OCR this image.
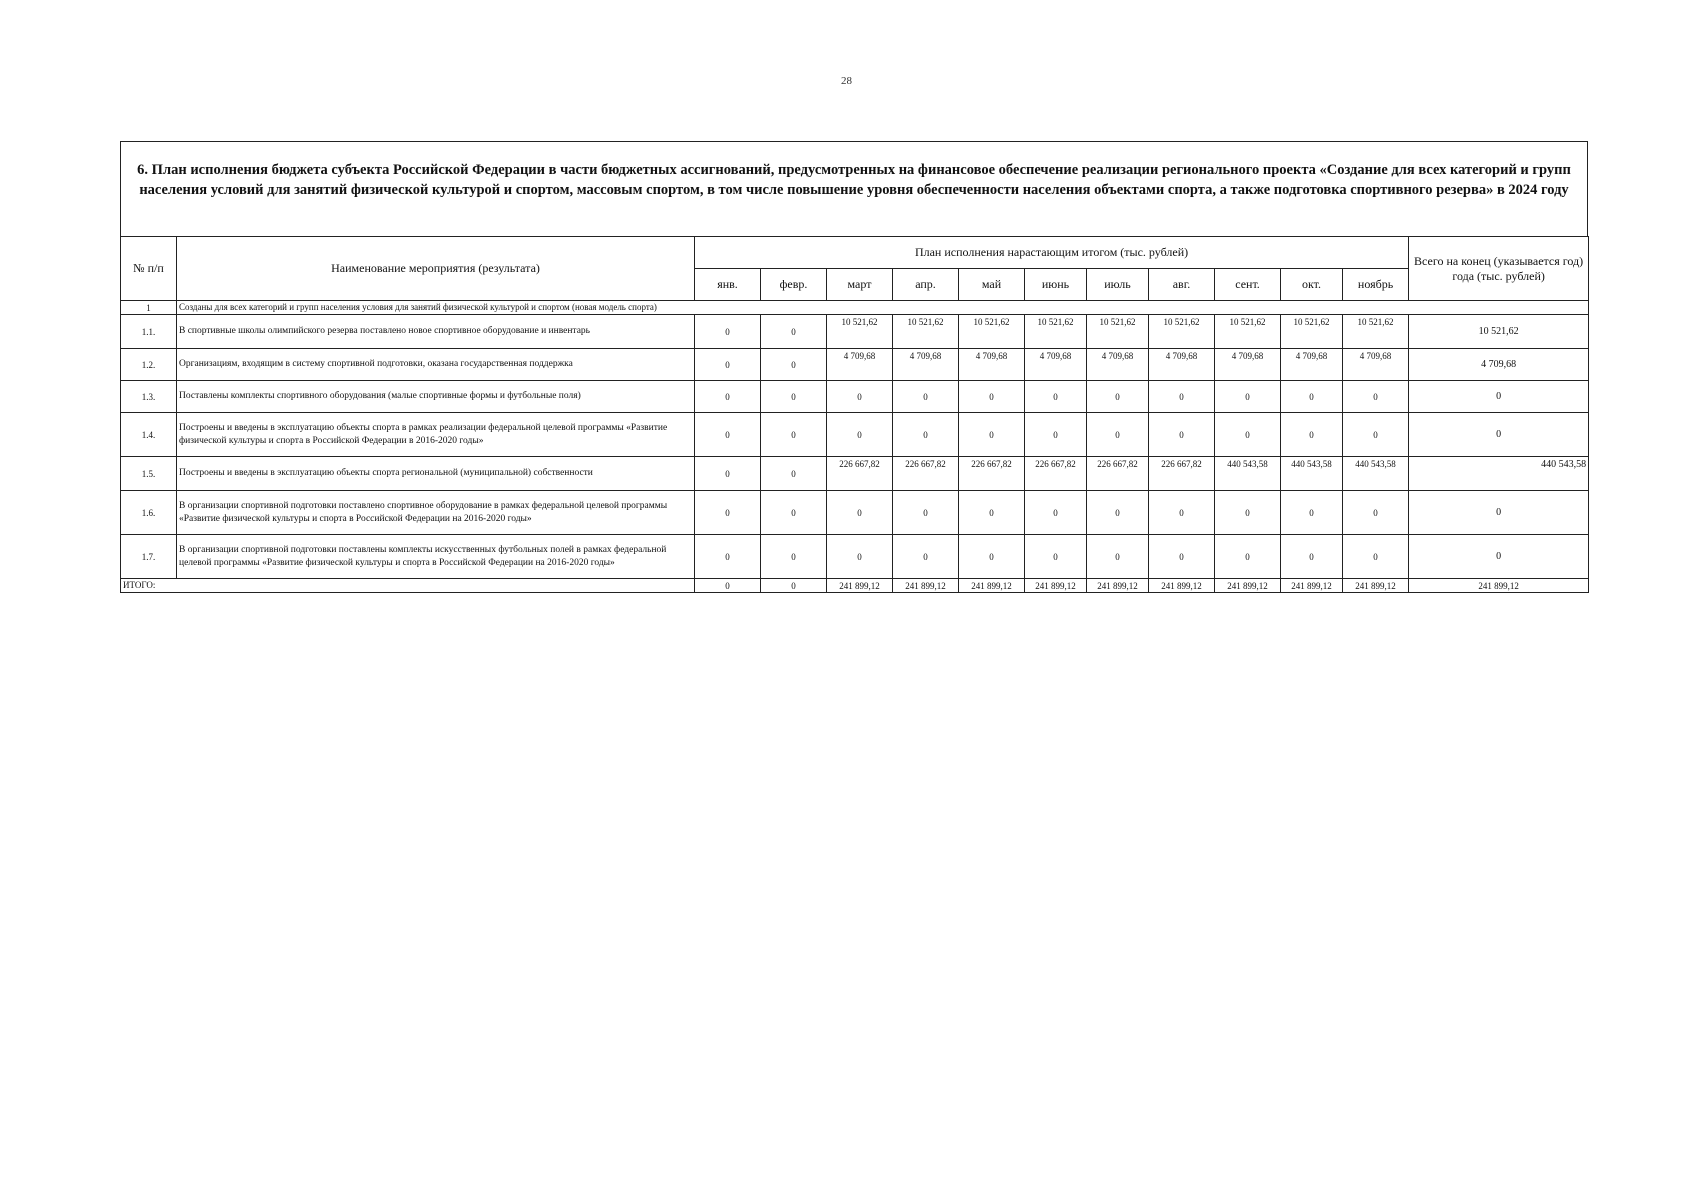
28
6. План исполнения бюджета субъекта Российской Федерации в части бюджетных ассигнований, предусмотренных на финансовое обеспечение реализации регионального проекта «Создание для всех категорий и групп населения условий для занятий физической культурой и спортом, массовым спортом, в том числе повышение уровня обеспеченности населения объектами спорта, а также подготовка спортивного резерва» в 2024 году
№ п/п	Наименование мероприятия (результата)	План исполнения нарастающим итогом (тыс. рублей)											Всего на конец (указывается год) года (тыс. рублей)
		янв.	февр.	март	апр.	май	июнь	июль	авг.	сент.	окт.	ноябрь	
1	Созданы для всех категорий и групп населения условия для занятий физической культурой и спортом (новая модель спорта)												
1.1.	В спортивные школы олимпийского резерва поставлено новое спортивное оборудование и инвентарь	0	0	10 521,62	10 521,62	10 521,62	10 521,62	10 521,62	10 521,62	10 521,62	10 521,62	10 521,62	10 521,62
1.2.	Организациям, входящим в систему спортивной подготовки, оказана государственная поддержка	0	0	4 709,68	4 709,68	4 709,68	4 709,68	4 709,68	4 709,68	4 709,68	4 709,68	4 709,68	4 709,68
1.3.	Поставлены комплекты спортивного оборудования (малые спортивные формы и футбольные поля)	0	0	0	0	0	0	0	0	0	0	0	0
1.4.	Построены и введены в эксплуатацию объекты спорта в рамках реализации федеральной целевой программы «Развитие физической культуры и спорта в Российской Федерации в 2016-2020 годы»	0	0	0	0	0	0	0	0	0	0	0	0
1.5.	Построены и введены в эксплуатацию объекты спорта региональной (муниципальной) собственности	0	0	226 667,82	226 667,82	226 667,82	226 667,82	226 667,82	226 667,82	440 543,58	440 543,58	440 543,58	440 543,58
1.6.	В организации спортивной подготовки поставлено спортивное оборудование в рамках федеральной целевой программы «Развитие физической культуры и спорта в Российской Федерации на 2016-2020 годы»	0	0	0	0	0	0	0	0	0	0	0	0
1.7.	В организации спортивной подготовки поставлены комплекты искусственных футбольных полей в рамках федеральной целевой программы «Развитие физической культуры и спорта в Российской Федерации на 2016-2020 годы»	0	0	0	0	0	0	0	0	0	0	0	0
ИТОГО:		0	0	241 899,12	241 899,12	241 899,12	241 899,12	241 899,12	241 899,12	241 899,12	241 899,12	241 899,12	241 899,12
